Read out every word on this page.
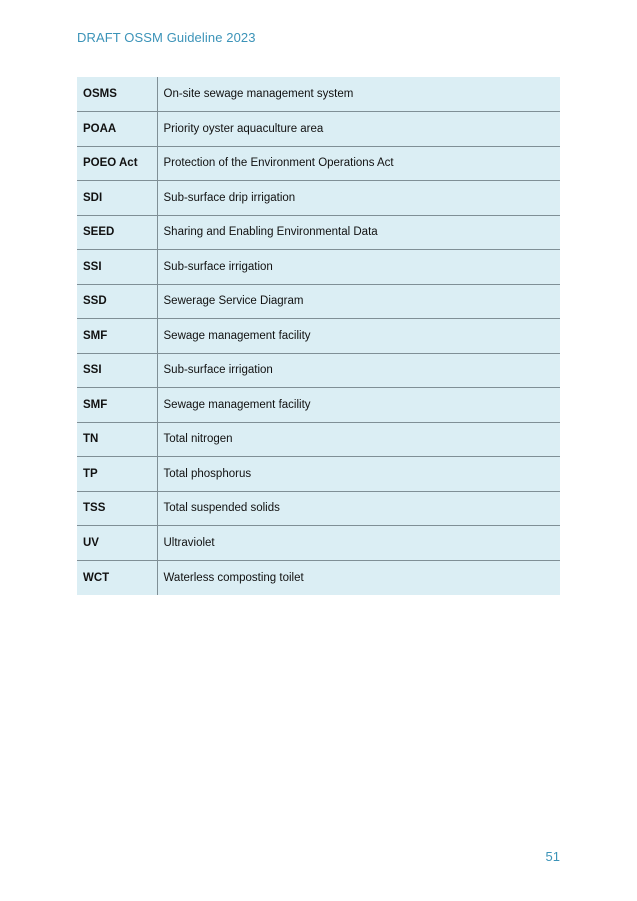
DRAFT OSSM Guideline 2023
OSMS	On-site sewage management system
POAA	Priority oyster aquaculture area
POEO Act	Protection of the Environment Operations Act
SDI	Sub-surface drip irrigation
SEED	Sharing and Enabling Environmental Data
SSI	Sub-surface irrigation
SSD	Sewerage Service Diagram
SMF	Sewage management facility
SSI	Sub-surface irrigation
SMF	Sewage management facility
TN	Total nitrogen
TP	Total phosphorus
TSS	Total suspended solids
UV	Ultraviolet
WCT	Waterless composting toilet
51
